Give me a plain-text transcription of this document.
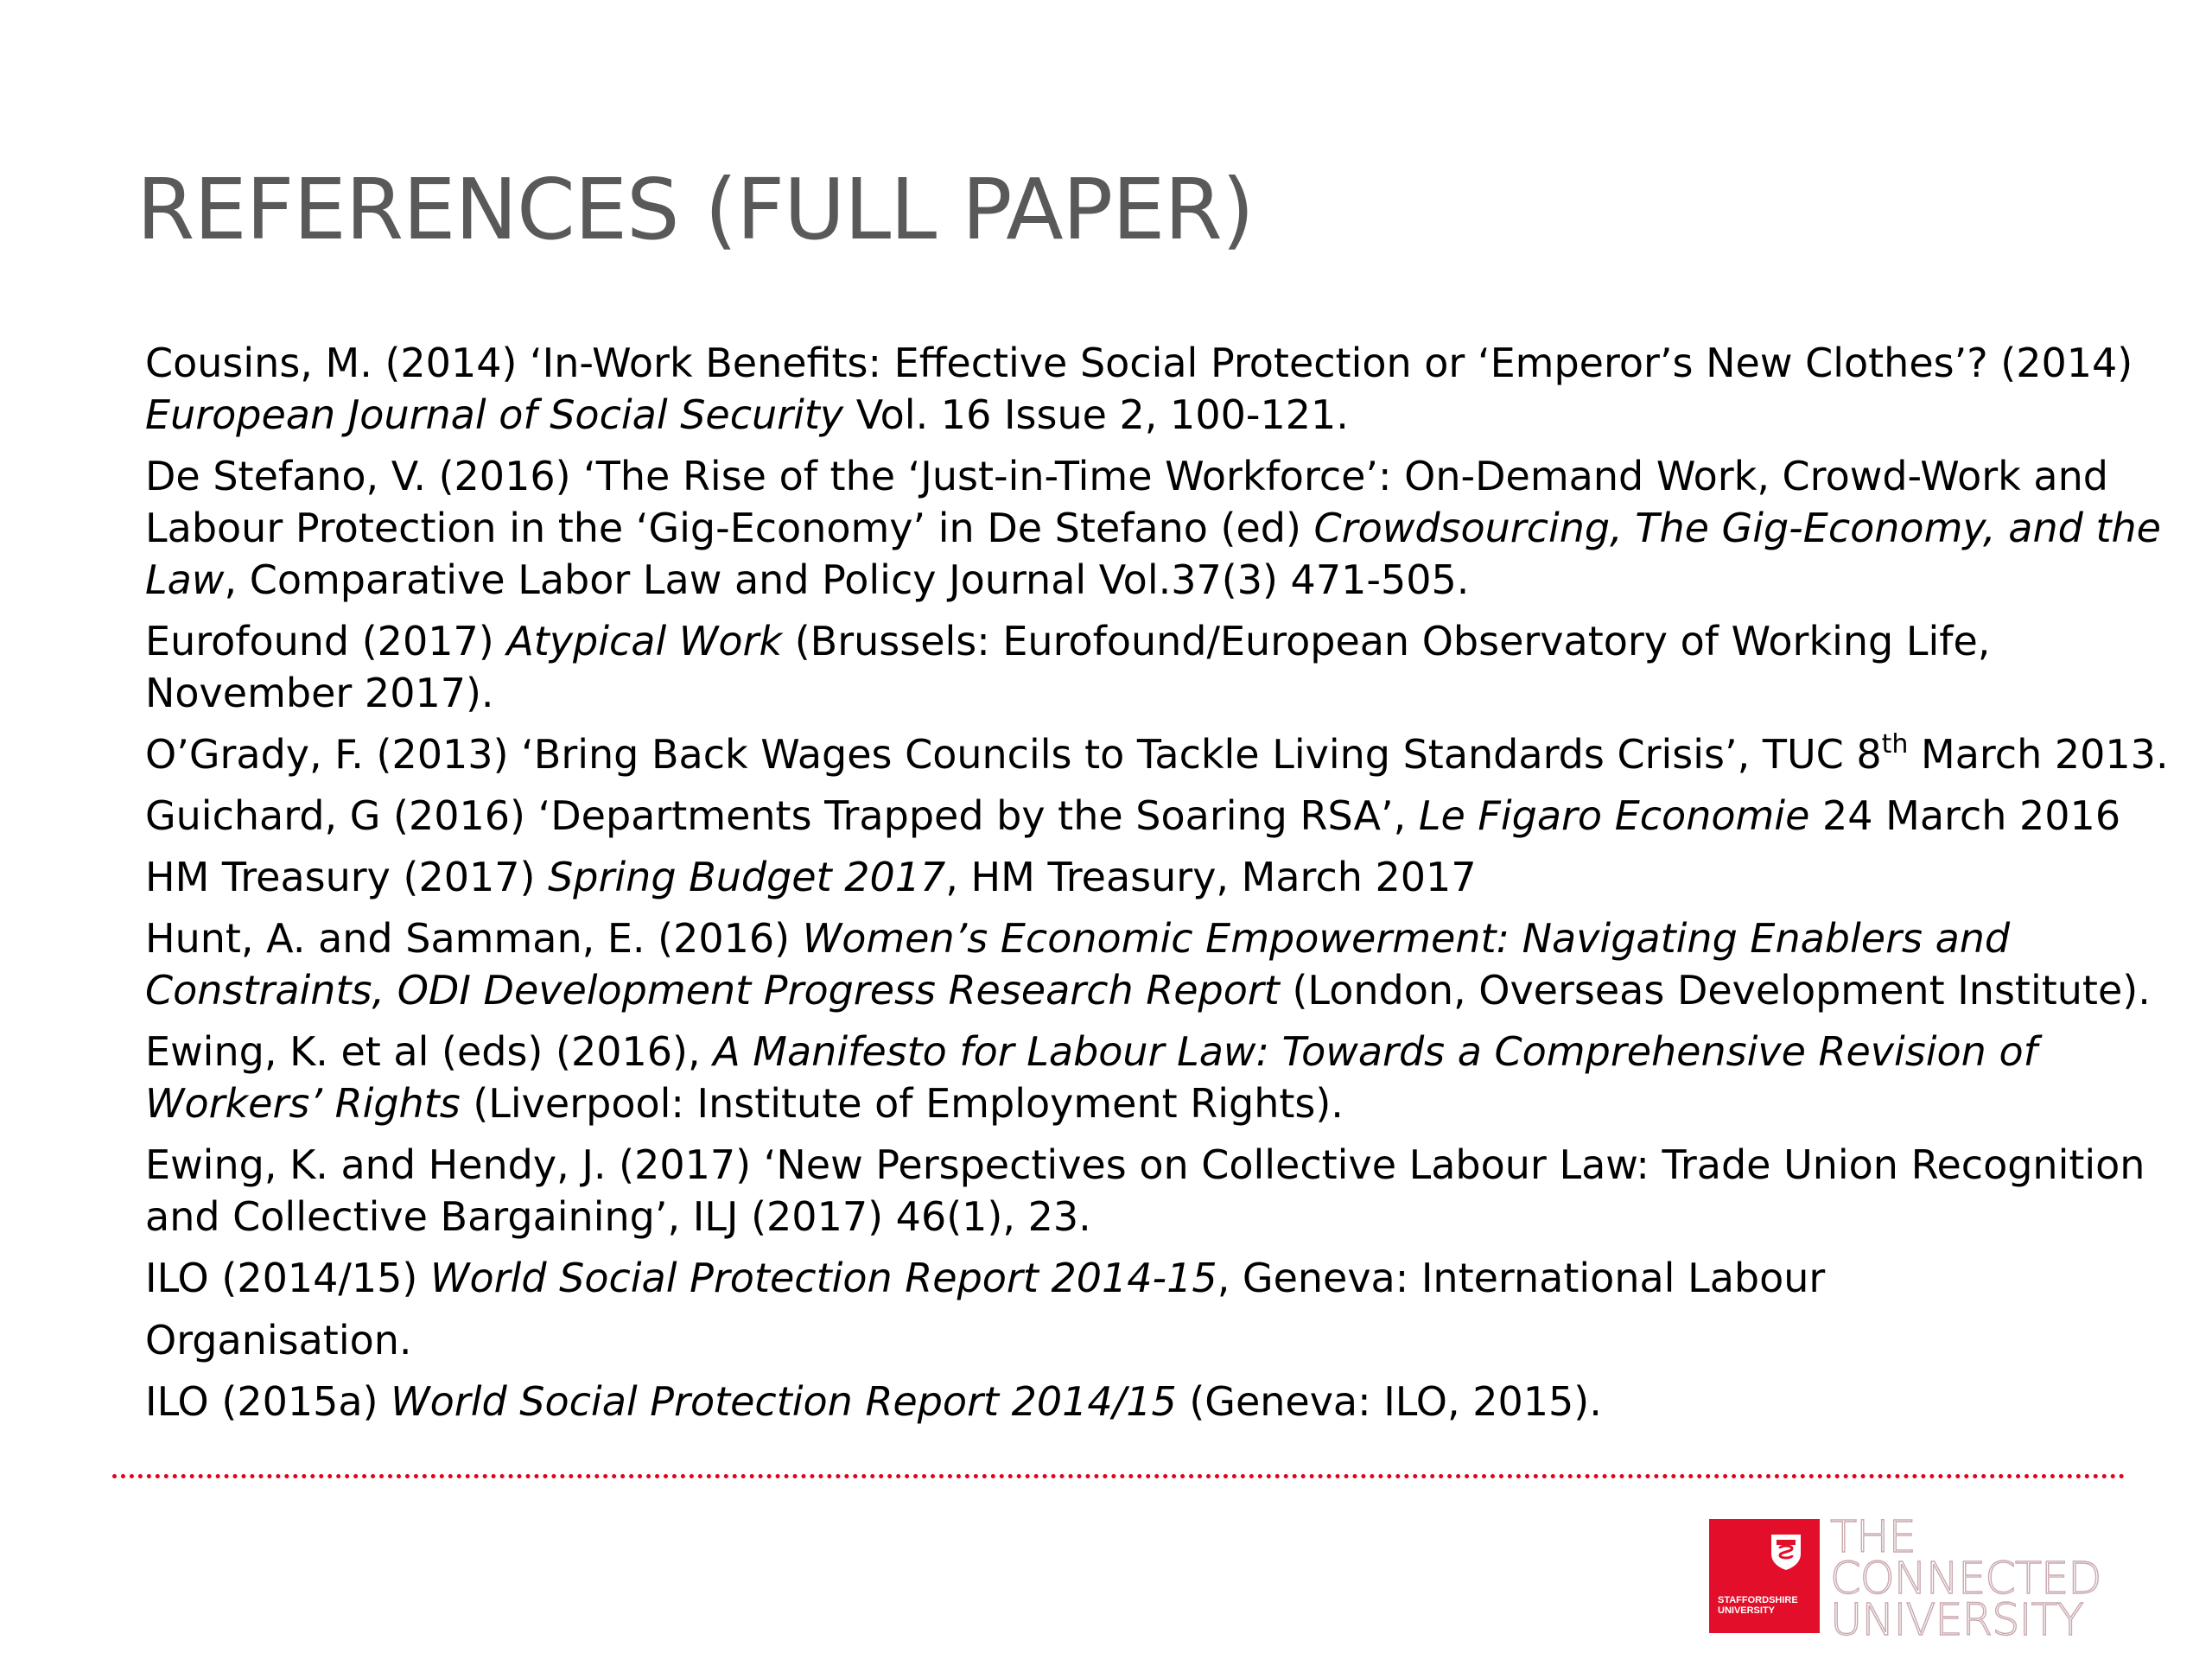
REFERENCES (FULL PAPER)
Cousins, M. (2014) ‘In-Work Benefits: Effective Social Protection or ‘Emperor’s New Clothes’? (2014)
European Journal of Social Security Vol. 16 Issue 2, 100-121.
De Stefano, V. (2016) ‘The Rise of the ‘Just-in-Time Workforce’: On-Demand Work, Crowd-Work and
Labour Protection in the ‘Gig-Economy’ in De Stefano (ed) Crowdsourcing, The Gig-Economy, and the
Law, Comparative Labor Law and Policy Journal Vol.37(3) 471-505.
Eurofound (2017) Atypical Work (Brussels: Eurofound/European Observatory of Working Life,
November 2017).
O’Grady, F. (2013) ‘Bring Back Wages Councils to Tackle Living Standards Crisis’, TUC 8th March 2013.
Guichard, G (2016) ‘Departments Trapped by the Soaring RSA’, Le Figaro Economie 24 March 2016
HM Treasury (2017) Spring Budget 2017, HM Treasury, March 2017
Hunt, A. and Samman, E. (2016) Women’s Economic Empowerment: Navigating Enablers and
Constraints, ODI Development Progress Research Report (London, Overseas Development Institute).
Ewing, K. et al (eds) (2016), A Manifesto for Labour Law: Towards a Comprehensive Revision of
Workers’ Rights (Liverpool: Institute of Employment Rights).
Ewing, K. and Hendy, J. (2017) ‘New Perspectives on Collective Labour Law: Trade Union Recognition
and Collective Bargaining’, ILJ (2017) 46(1), 23.
ILO (2014/15) World Social Protection Report 2014-15, Geneva: International Labour
Organisation.
ILO (2015a) World Social Protection Report 2014/15 (Geneva: ILO, 2015).
STAFFORDSHIRE UNIVERSITY
THE
CONNECTED
UNIVERSITY
